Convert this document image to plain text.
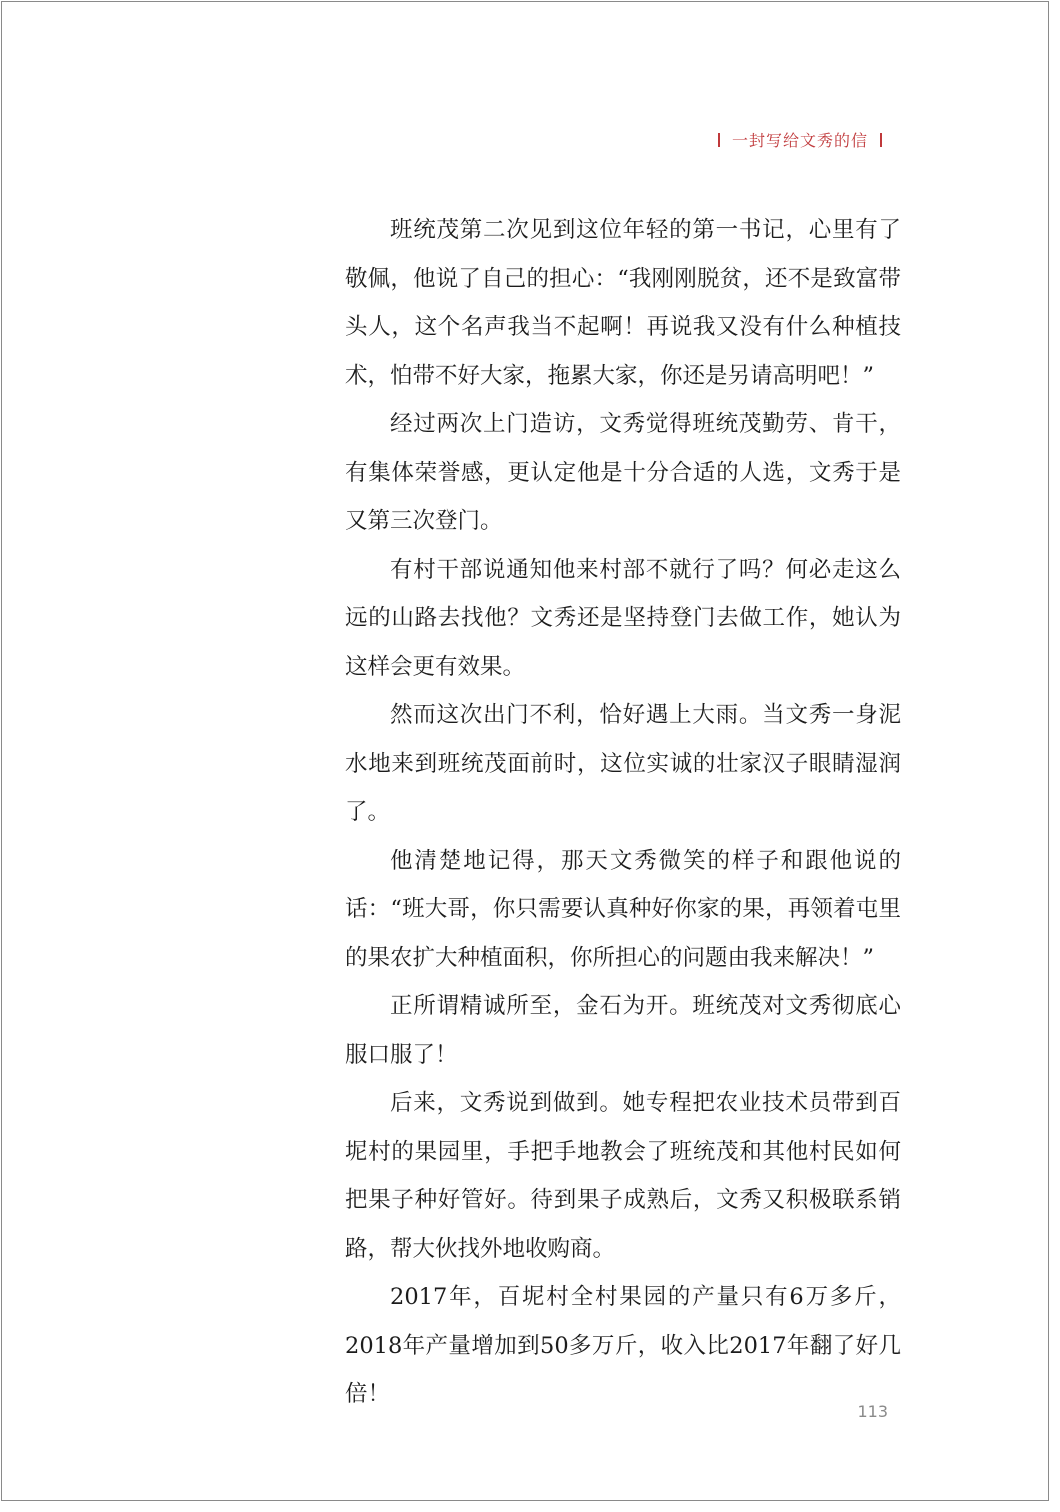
一封写给文秀的信

班统茂第二次见到这位年轻的第一书记，心里有了敬佩，他说了自己的担心：“我刚刚脱贫，还不是致富带头人，这个名声我当不起啊！再说我又没有什么种植技术，怕带不好大家，拖累大家，你还是另请高明吧！”

经过两次上门造访，文秀觉得班统茂勤劳、肯干，有集体荣誉感，更认定他是十分合适的人选，文秀于是又第三次登门。

有村干部说通知他来村部不就行了吗？何必走这么远的山路去找他？文秀还是坚持登门去做工作，她认为这样会更有效果。

然而这次出门不利，恰好遇上大雨。当文秀一身泥水地来到班统茂面前时，这位实诚的壮家汉子眼睛湿润了。

他清楚地记得，那天文秀微笑的样子和跟他说的话：“班大哥，你只需要认真种好你家的果，再领着屯里的果农扩大种植面积，你所担心的问题由我来解决！”

正所谓精诚所至，金石为开。班统茂对文秀彻底心服口服了！

后来，文秀说到做到。她专程把农业技术员带到百坭村的果园里，手把手地教会了班统茂和其他村民如何把果子种好管好。待到果子成熟后，文秀又积极联系销路，帮大伙找外地收购商。

2017年，百坭村全村果园的产量只有6万多斤，2018年产量增加到50多万斤，收入比2017年翻了好几倍！

113
